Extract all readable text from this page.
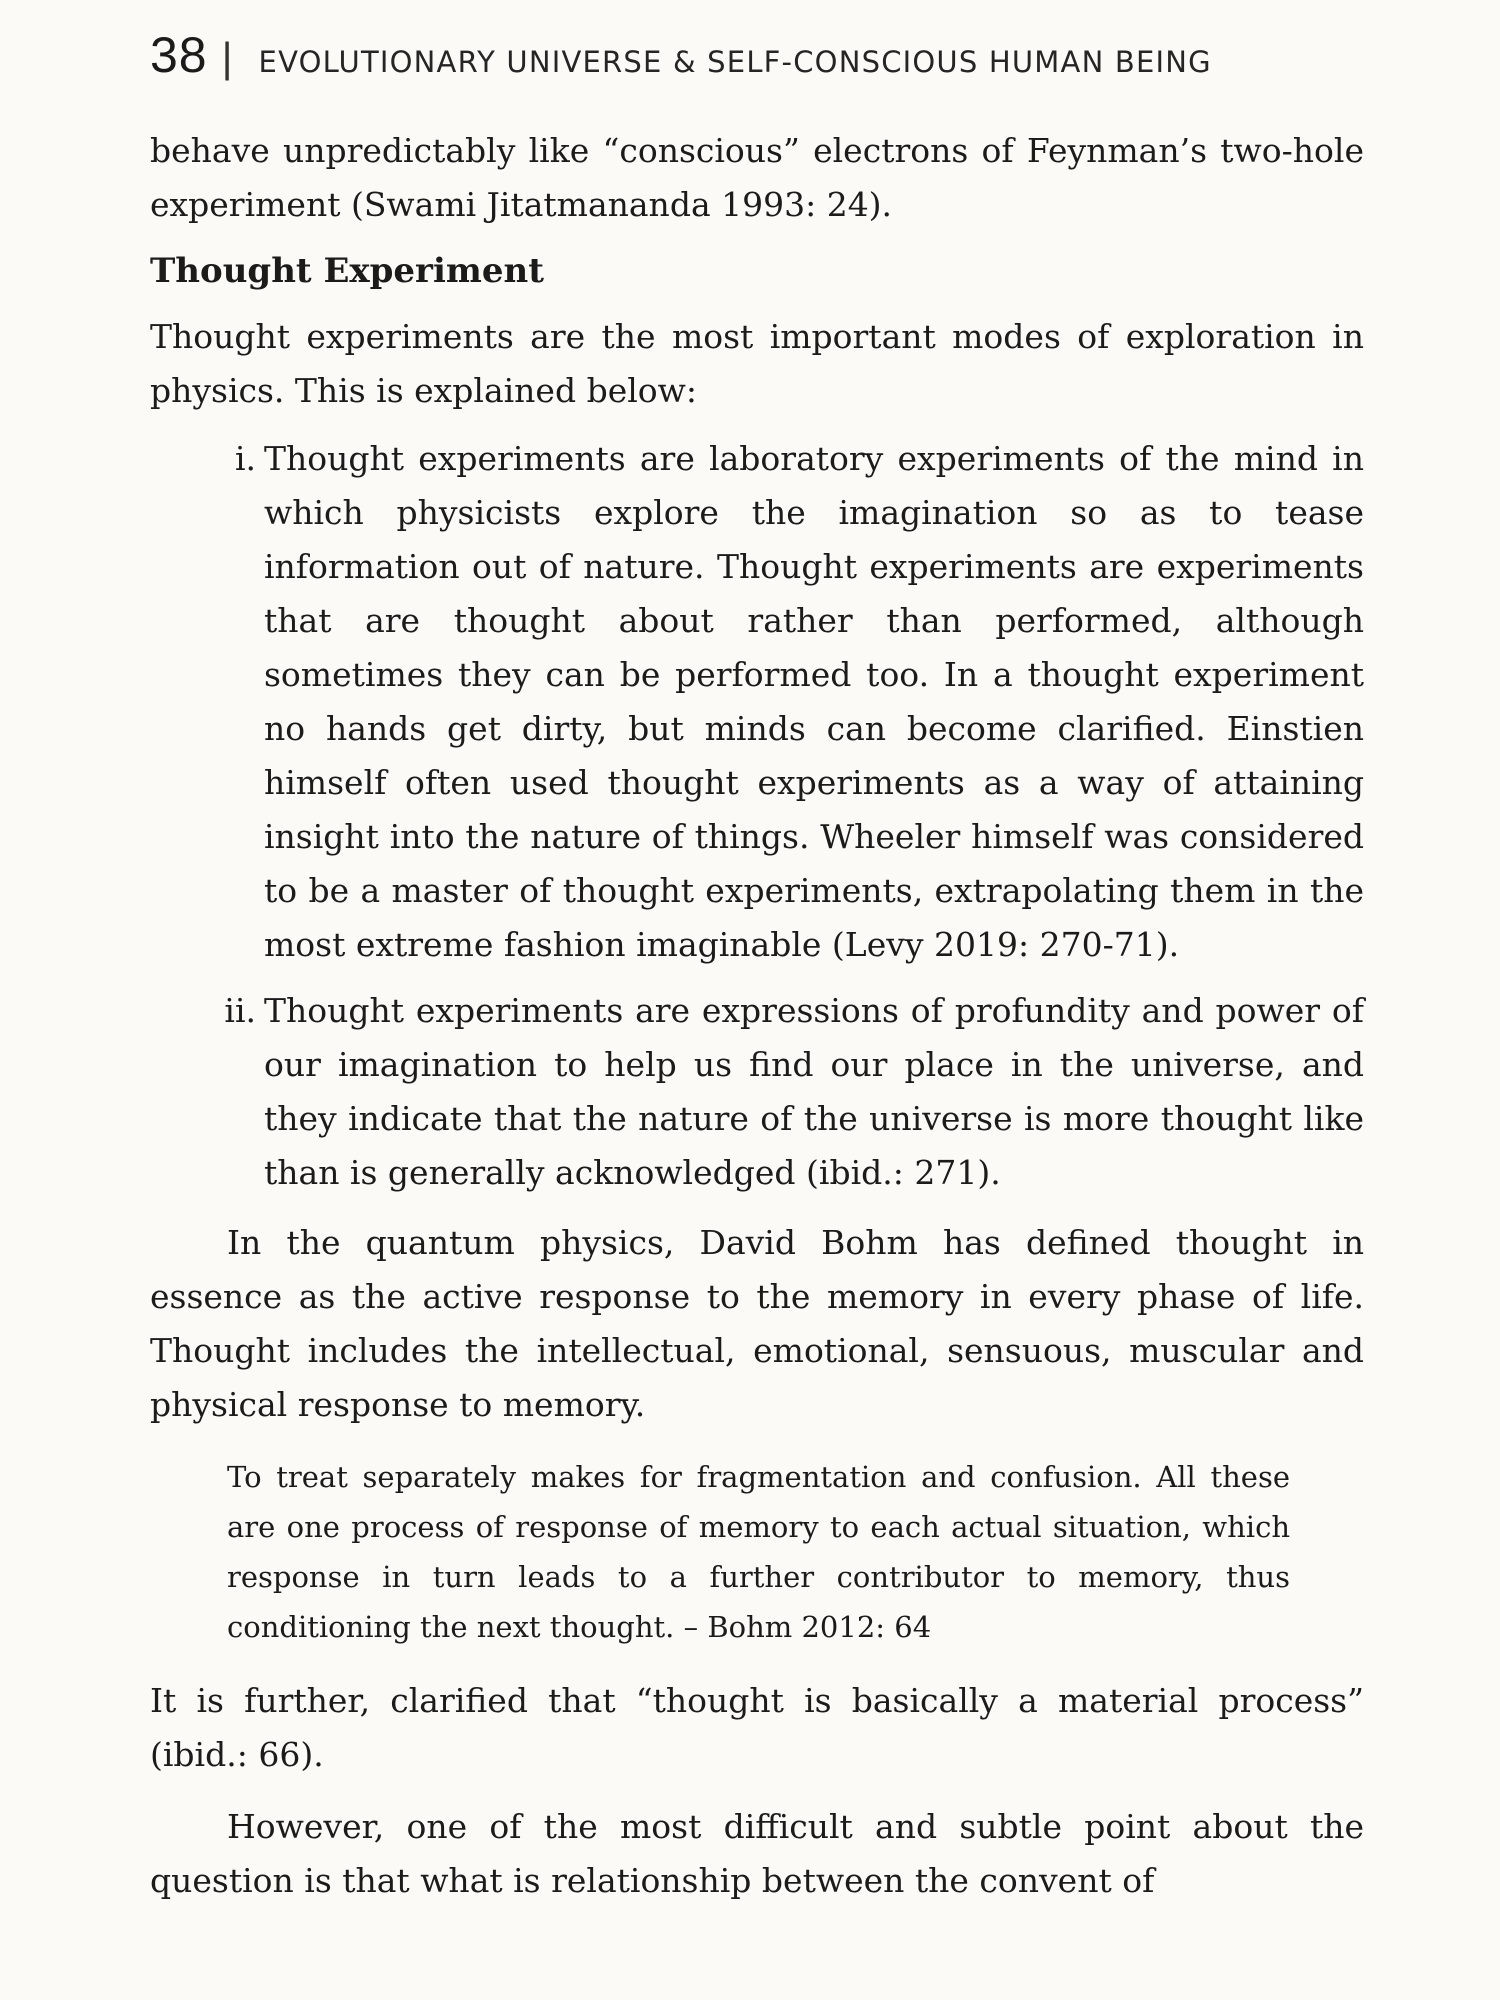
38 | EVOLUTIONARY UNIVERSE & SELF-CONSCIOUS HUMAN BEING

behave unpredictably like “conscious” electrons of Feynman’s two-hole experiment (Swami Jitatmananda 1993: 24).

Thought Experiment

Thought experiments are the most important modes of exploration in physics. This is explained below:

i. Thought experiments are laboratory experiments of the mind in which physicists explore the imagination so as to tease information out of nature. Thought experiments are experiments that are thought about rather than performed, although sometimes they can be performed too. In a thought experiment no hands get dirty, but minds can become clarified. Einstien himself often used thought experiments as a way of attaining insight into the nature of things. Wheeler himself was considered to be a master of thought experiments, extrapolating them in the most extreme fashion imaginable (Levy 2019: 270-71).
ii. Thought experiments are expressions of profundity and power of our imagination to help us find our place in the universe, and they indicate that the nature of the universe is more thought like than is generally acknowledged (ibid.: 271).

In the quantum physics, David Bohm has defined thought in essence as the active response to the memory in every phase of life. Thought includes the intellectual, emotional, sensuous, muscular and physical response to memory.

To treat separately makes for fragmentation and confusion. All these are one process of response of memory to each actual situation, which response in turn leads to a further contributor to memory, thus conditioning the next thought. – Bohm 2012: 64

It is further, clarified that “thought is basically a material process” (ibid.: 66).

However, one of the most difficult and subtle point about the question is that what is relationship between the convent of
